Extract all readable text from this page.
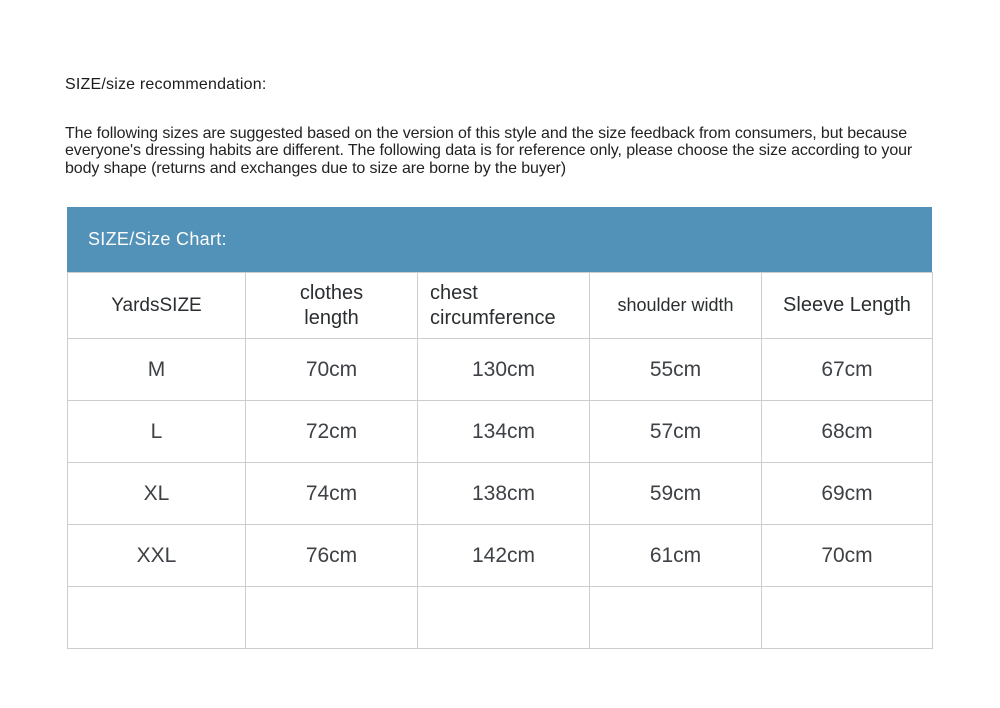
SIZE/size recommendation:
The following sizes are suggested based on the version of this style and the size feedback from consumers, but because everyone's dressing habits are different. The following data is for reference only, please choose the size according to your body shape (returns and exchanges due to size are borne by the buyer)
SIZE/Size Chart:
YardsSIZE	clothes length	chest circumference	shoulder width	Sleeve Length
M	70cm	130cm	55cm	67cm
L	72cm	134cm	57cm	68cm
XL	74cm	138cm	59cm	69cm
XXL	76cm	142cm	61cm	70cm
